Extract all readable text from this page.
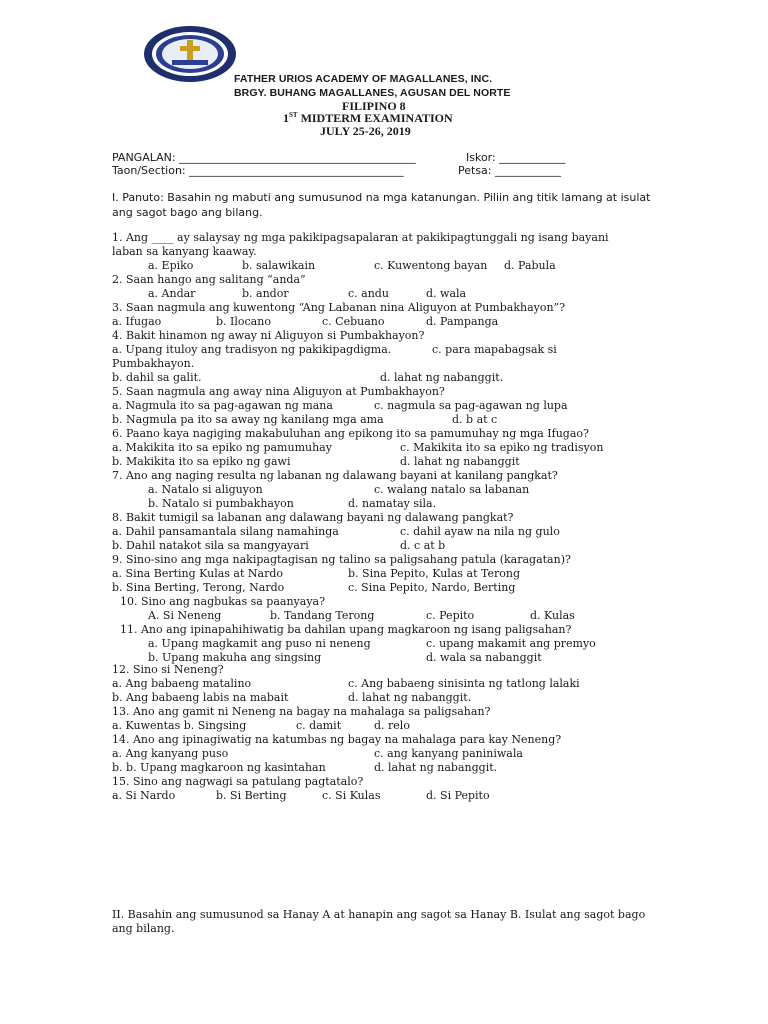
FATHER URIOS ACADEMY OF MAGALLANES, INC.
BRGY. BUHANG MAGALLANES, AGUSAN DEL NORTE
FILIPINO 8
1ST MIDTERM EXAMINATION
JULY 25-26, 2019
PANGALAN: ___________________________________________	Iskor: ____________
Taon/Section: _______________________________________	Petsa: ____________
I. Panuto: Basahin ng mabuti ang sumusunod na mga katanungan. Piliin ang titik lamang at isulat ang sagot bago ang bilang.
1. Ang ____ ay salaysay ng mga pakikipagsapalaran at pakikipagtunggali ng isang bayani laban sa kanyang kaaway.
a. Epiko	b. salawikain	c. Kuwentong bayan d. Pabula
2. Saan hango ang salitang “anda”
a. Andar	b. andor	c. andu	d. wala
3. Saan nagmula ang kuwentong “Ang Labanan nina Aliguyon at Pumbakhayon”?
a. Ifugao	b. Ilocano	c. Cebuano	d. Pampanga
4. Bakit hinamon ng away ni Aliguyon si Pumbakhayon?
a. Upang ituloy ang tradisyon ng pakikipagdigma.	c. para mapabagsak si
Pumbakhayon.
b. dahil sa galit.	d. lahat ng nabanggit.
5. Saan nagmula ang away nina Aliguyon at Pumbakhayon?
a. Nagmula ito sa pag-agawan ng mana	c. nagmula sa pag-agawan ng lupa
b. Nagmula pa ito sa away ng kanilang mga ama	d. b at c
6. Paano kaya nagiging makabuluhan ang epikong ito sa pamumuhay ng mga Ifugao?
a. Makikita ito sa epiko ng pamumuhay	c. Makikita ito sa epiko ng tradisyon
b. Makikita ito sa epiko ng gawi	d. lahat ng nabanggit
7. Ano ang naging resulta ng labanan ng dalawang bayani at kanilang pangkat?
a. Natalo si aliguyon	c. walang natalo sa labanan
b. Natalo si pumbakhayon	d. namatay sila.
8. Bakit tumigil sa labanan ang dalawang bayani ng dalawang pangkat?
a. Dahil pansamantala silang namahinga	c. dahil ayaw na nila ng gulo
b. Dahil natakot sila sa mangyayari	d. c at b
9. Sino-sino ang mga nakipagtagisan ng talino sa paligsahang patula (karagatan)?
a. Sina Berting Kulas at Nardo	b. Sina Pepito, Kulas at Terong
b. Sina Berting, Terong, Nardo	c. Sina Pepito, Nardo, Berting
10. Sino ang nagbukas sa paanyaya?
A. Si Neneng	b. Tandang Terong	c. Pepito	d. Kulas
11. Ano ang ipinapahihiwatig ba dahilan upang magkaroon ng isang paligsahan?
a. Upang magkamit ang puso ni neneng	c. upang makamit ang premyo
b. Upang makuha ang singsing	d. wala sa nabanggit
12. Sino si Neneng?
a. Ang babaeng matalino	c. Ang babaeng sinisinta ng tatlong lalaki
b. Ang babaeng labis na mabait	d. lahat ng nabanggit.
13. Ano ang gamit ni Neneng na bagay na mahalaga sa paligsahan?
a. Kuwentas b. Singsing	c. damit	d. relo
14. Ano ang ipinagiwatig na katumbas ng bagay na mahalaga para kay Neneng?
a. Ang kanyang puso	c. ang kanyang paniniwala
b. b. Upang magkaroon ng kasintahan	d. lahat ng nabanggit.
15. Sino ang nagwagi sa patulang pagtatalo?
a. Si Nardo	b. Si Berting	c. Si Kulas	d. Si Pepito
II. Basahin ang sumusunod sa Hanay A at hanapin ang sagot sa Hanay B. Isulat ang sagot bago ang bilang.
